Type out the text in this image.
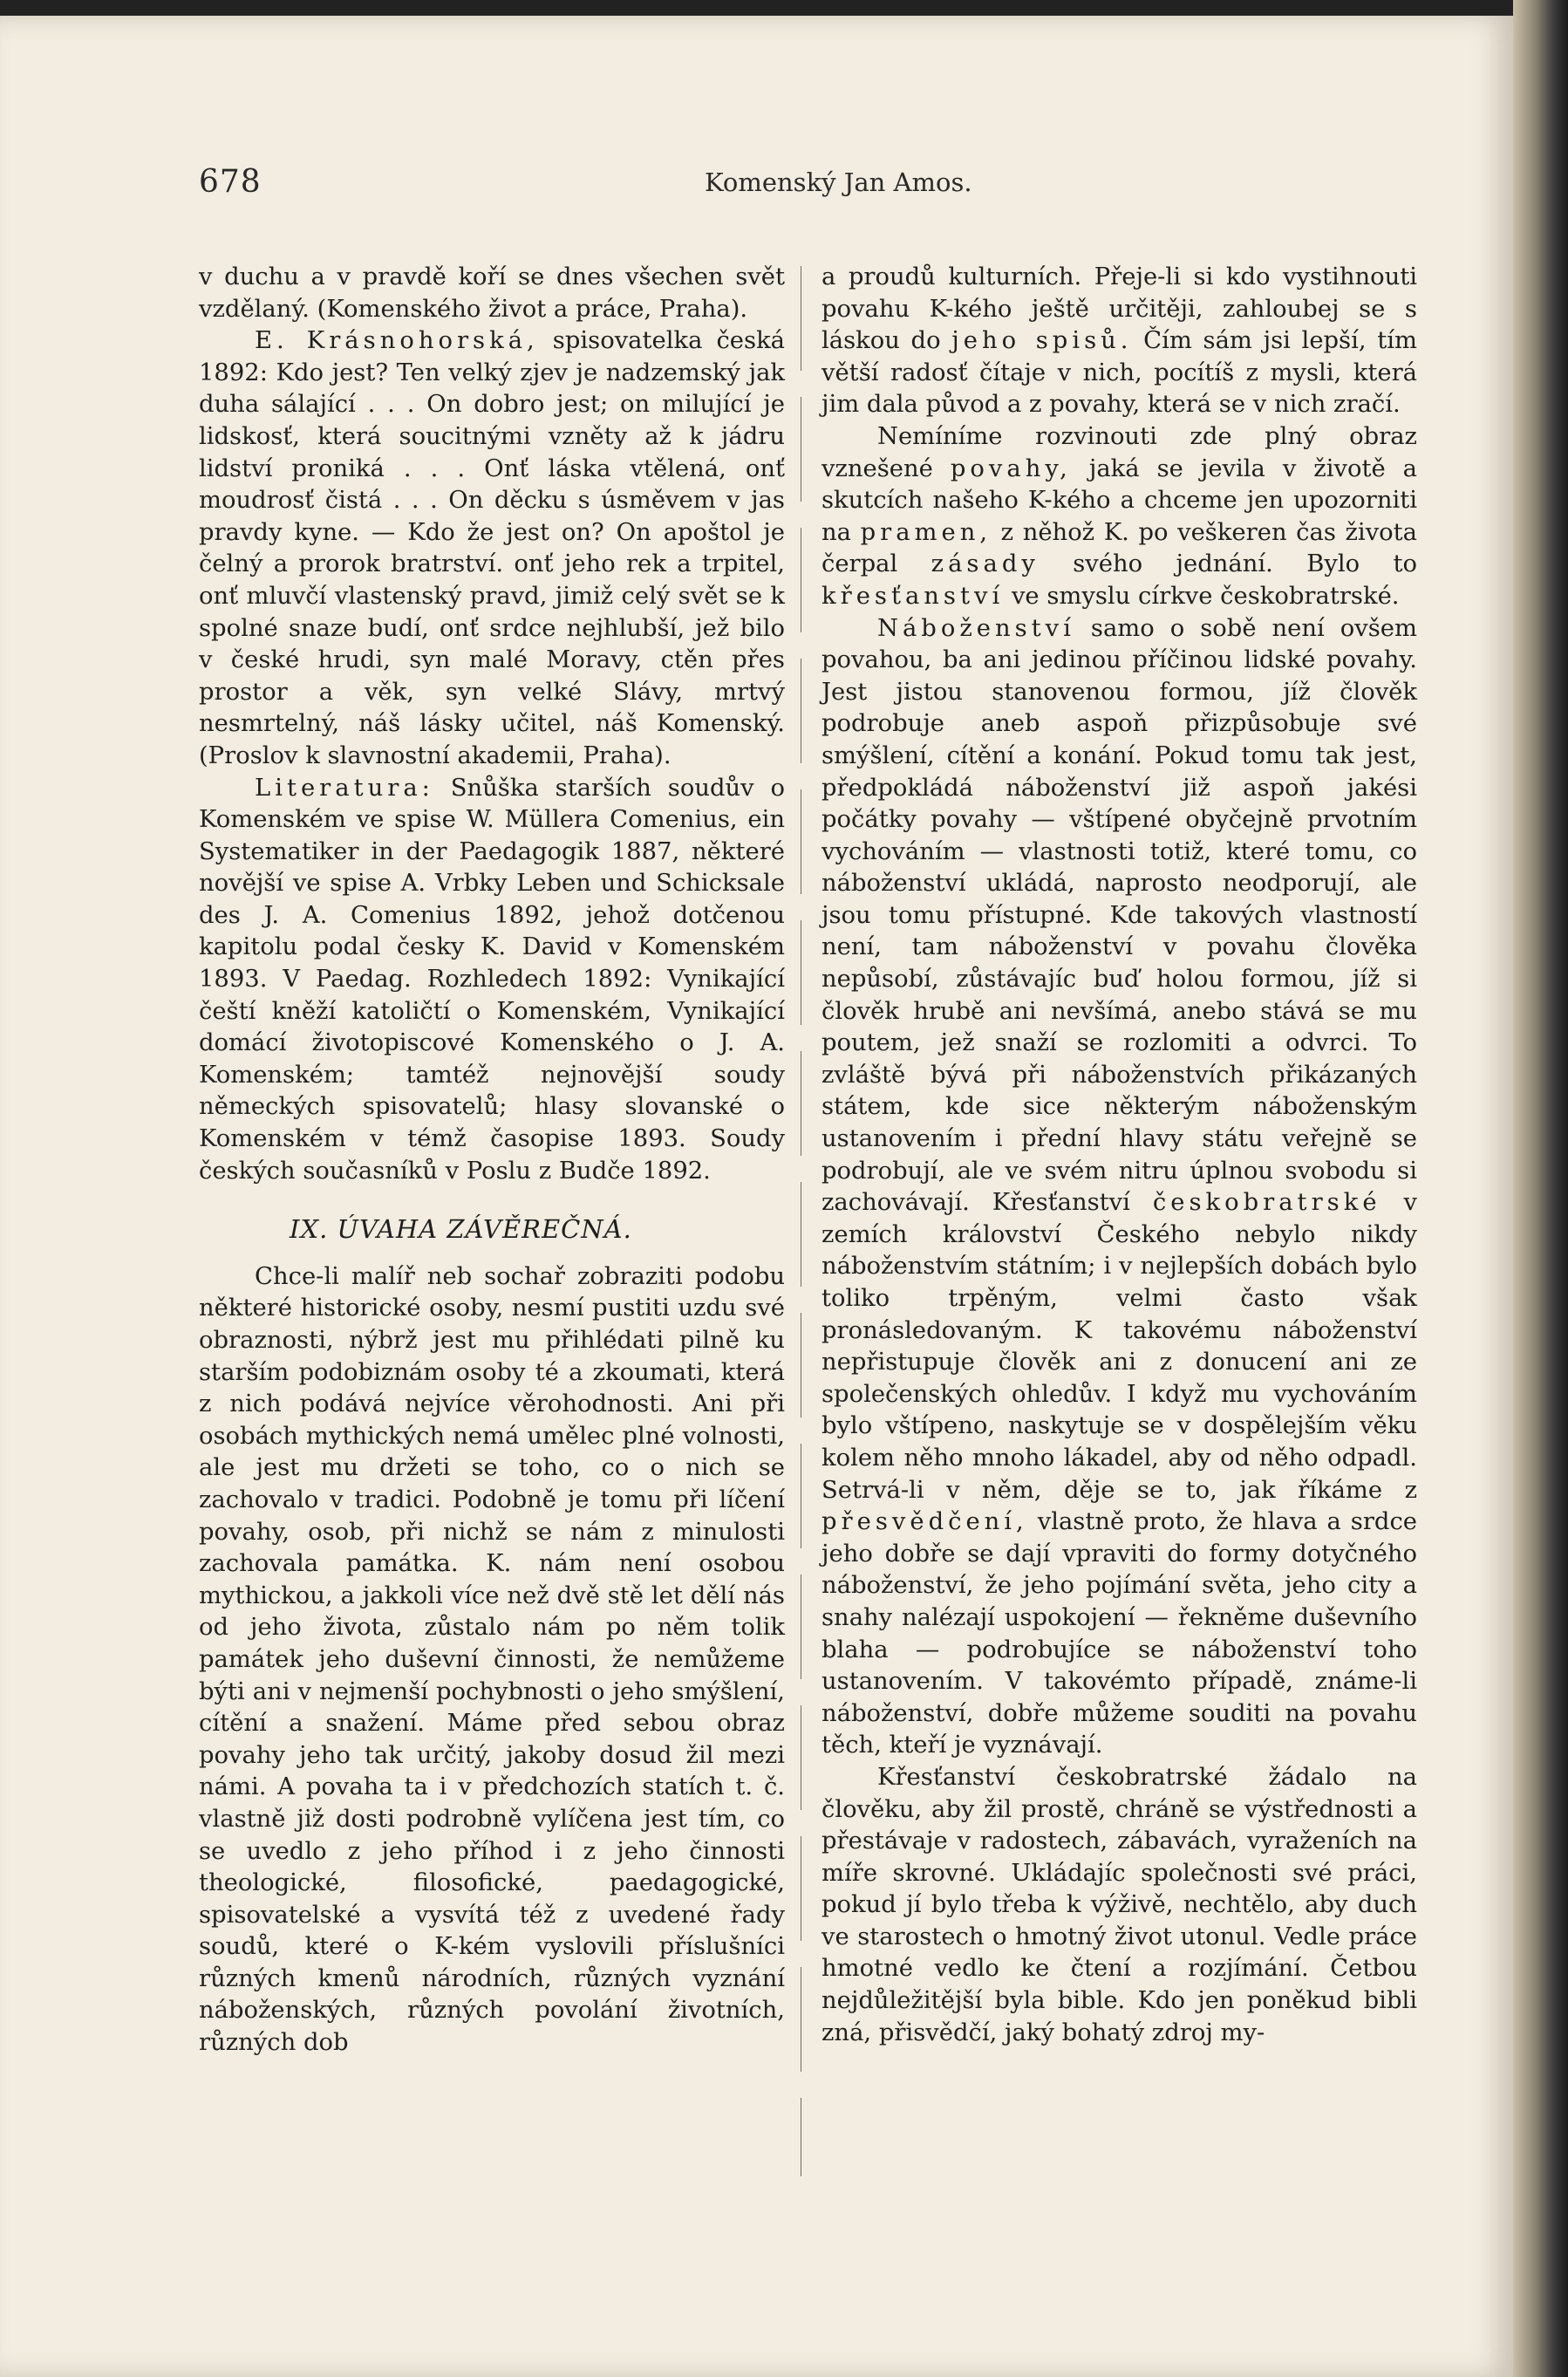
678	Komenský Jan Amos.

v duchu a v pravdě koří se dnes všechen svět vzdělaný. (Komenského život a práce, Praha).

E. Krásnohorská, spisovatelka česká 1892: Kdo jest? Ten velký zjev je nadzemský jak duha sálající . . . On dobro jest; on milující je lidskosť, která soucitnými vzněty až k jádru lidství proniká . . . Onť láska vtělená, onť moudrosť čistá . . . On děcku s úsměvem v jas pravdy kyne. — Kdo že jest on? On apoštol je čelný a prorok bratrství. onť jeho rek a trpitel, onť mluvčí vlastenský pravd, jimiž celý svět se k spolné snaze budí, onť srdce nejhlubší, jež bilo v české hrudi, syn malé Moravy, ctěn přes prostor a věk, syn velké Slávy, mrtvý nesmrtelný, náš lásky učitel, náš Komenský. (Proslov k slavnostní akademii, Praha).

Literatura: Snůška starších soudův o Komenském ve spise W. Müllera Comenius, ein Systematiker in der Paedagogik 1887, některé novější ve spise A. Vrbky Leben und Schicksale des J. A. Comenius 1892, jehož dotčenou kapitolu podal česky K. David v Komenském 1893. V Paedag. Rozhledech 1892: Vynikající čeští kněží katoličtí o Komenském, Vynikající domácí životopiscové Komenského o J. A. Komenském; tamtéž nejnovější soudy německých spisovatelů; hlasy slovanské o Komenském v témž časopise 1893. Soudy českých současníků v Poslu z Budče 1892.

IX. ÚVAHA ZÁVĚREČNÁ.

Chce-li malíř neb sochař zobraziti podobu některé historické osoby, nesmí pustiti uzdu své obraznosti, nýbrž jest mu přihlédati pilně ku starším podobiznám osoby té a zkoumati, která z nich podává nejvíce věrohodnosti. Ani při osobách mythických nemá umělec plné volnosti, ale jest mu držeti se toho, co o nich se zachovalo v tradici. Podobně je tomu při líčení povahy, osob, při nichž se nám z minulosti zachovala památka. K. nám není osobou mythickou, a jakkoli více než dvě stě let dělí nás od jeho života, zůstalo nám po něm tolik památek jeho duševní činnosti, že nemůžeme býti ani v nejmenší pochybnosti o jeho smýšlení, cítění a snažení. Máme před sebou obraz povahy jeho tak určitý, jakoby dosud žil mezi námi. A povaha ta i v předchozích statích t. č. vlastně již dosti podrobně vylíčena jest tím, co se uvedlo z jeho příhod i z jeho činnosti theologické, filosofické, paedagogické, spisovatelské a vysvítá též z uvedené řady soudů, které o K-kém vyslovili příslušníci různých kmenů národních, různých vyznání náboženských, různých povolání životních, různých dob

a proudů kulturních. Přeje-li si kdo vystihnouti povahu K-kého ještě určitěji, zahloubej se s láskou do jeho spisů. Čím sám jsi lepší, tím větší radosť čítaje v nich, pocítíš z mysli, která jim dala původ a z povahy, která se v nich zračí.

Nemíníme rozvinouti zde plný obraz vznešené povahy, jaká se jevila v životě a skutcích našeho K-kého a chceme jen upozorniti na pramen, z něhož K. po veškeren čas života čerpal zásady svého jednání. Bylo to křesťanství ve smyslu církve českobratrské.

Náboženství samo o sobě není ovšem povahou, ba ani jedinou příčinou lidské povahy. Jest jistou stanovenou formou, jíž člověk podrobuje aneb aspoň přizpůsobuje své smýšlení, cítění a konání. Pokud tomu tak jest, předpokládá náboženství již aspoň jakési počátky povahy — vštípené obyčejně prvotním vychováním — vlastnosti totiž, které tomu, co náboženství ukládá, naprosto neodporují, ale jsou tomu přístupné. Kde takových vlastností není, tam náboženství v povahu člověka nepůsobí, zůstávajíc buď holou formou, jíž si člověk hrubě ani nevšímá, anebo stává se mu poutem, jež snaží se rozlomiti a odvrci. To zvláště bývá při náboženstvích přikázaných státem, kde sice některým náboženským ustanovením i přední hlavy státu veřejně se podrobují, ale ve svém nitru úplnou svobodu si zachovávají. Křesťanství českobratrské v zemích království Českého nebylo nikdy náboženstvím státním; i v nejlepších dobách bylo toliko trpěným, velmi často však pronásledovaným. K takovému náboženství nepřistupuje člověk ani z donucení ani ze společenských ohledův. I když mu vychováním bylo vštípeno, naskytuje se v dospělejším věku kolem něho mnoho lákadel, aby od něho odpadl. Setrvá-li v něm, děje se to, jak říkáme z přesvědčení, vlastně proto, že hlava a srdce jeho dobře se dají vpraviti do formy dotyčného náboženství, že jeho pojímání světa, jeho city a snahy nalézají uspokojení — řekněme duševního blaha — podrobujíce se náboženství toho ustanovením. V takovémto případě, známe-li náboženství, dobře můžeme souditi na povahu těch, kteří je vyznávají.

Křesťanství českobratrské žádalo na člověku, aby žil prostě, chráně se výstřednosti a přestávaje v radostech, zábavách, vyraženích na míře skrovné. Ukládajíc společnosti své práci, pokud jí bylo třeba k výživě, nechtělo, aby duch ve starostech o hmotný život utonul. Vedle práce hmotné vedlo ke čtení a rozjímání. Četbou nejdůležitější byla bible. Kdo jen poněkud bibli zná, přisvědčí, jaký bohatý zdroj my-
